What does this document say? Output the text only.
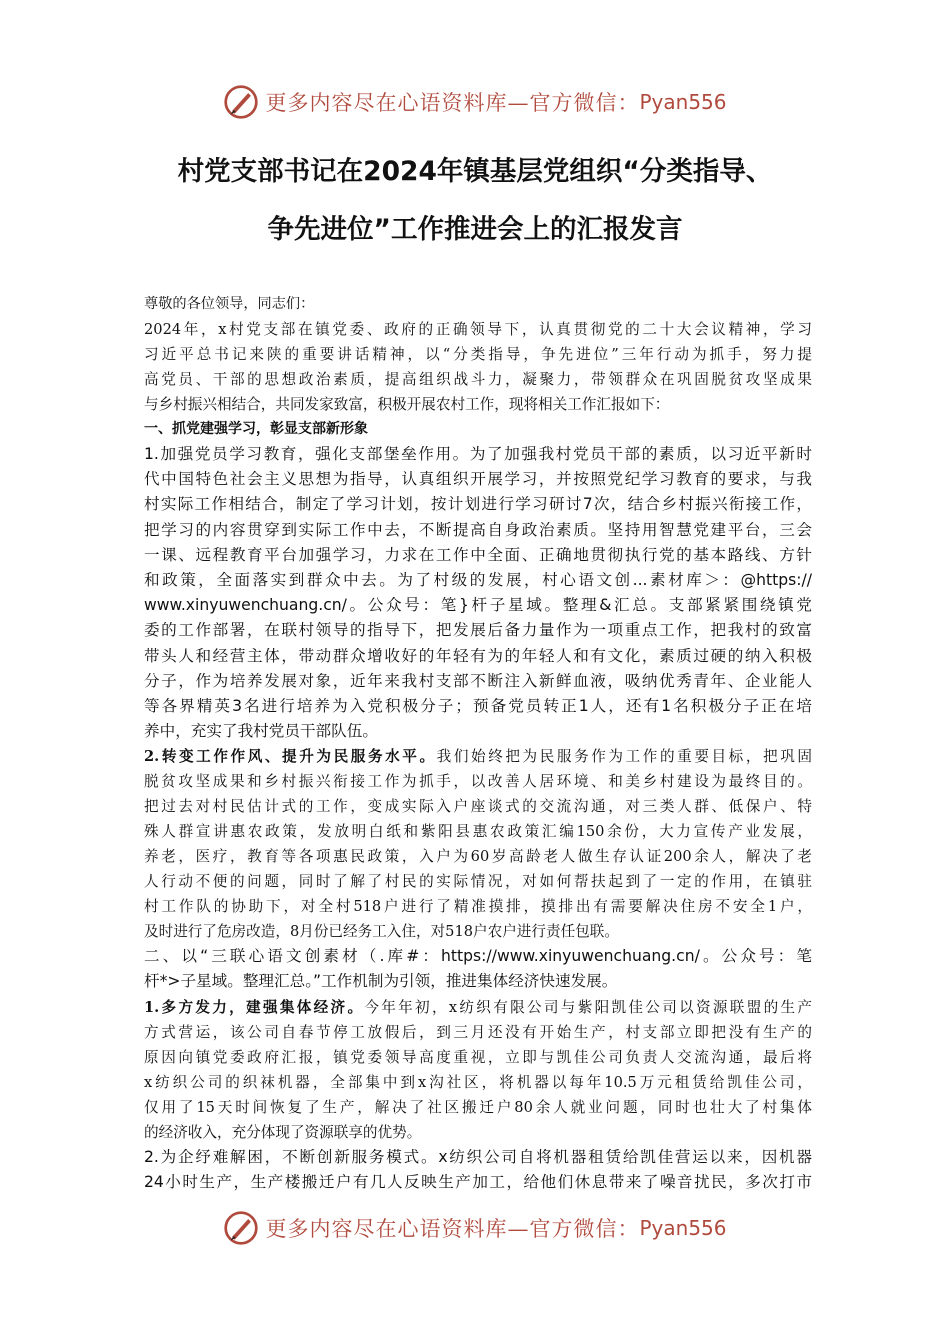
更多内容尽在心语资料库—官方微信： Pyan556
村党支部书记在2024年镇基层党组织“分类指导、
争先进位”工作推进会上的汇报发言
尊敬的各位领导，同志们：
2024年，x村党支部在镇党委、政府的正确领导下，认真贯彻党的二十大会议精神，学习
习近平总书记来陕的重要讲话精神，以“分类指导，争先进位”三年行动为抓手，努力提
高党员、干部的思想政治素质，提高组织战斗力，凝聚力，带领群众在巩固脱贫攻坚成果
与乡村振兴相结合，共同发家致富，积极开展农村工作，现将相关工作汇报如下：
一、抓党建强学习，彰显支部新形象
1.加强党员学习教育，强化支部堡垒作用。为了加强我村党员干部的素质，以习近平新时
代中国特色社会主义思想为指导，认真组织开展学习，并按照党纪学习教育的要求，与我
村实际工作相结合，制定了学习计划，按计划进行学习研讨7次，结合乡村振兴衔接工作，
把学习的内容贯穿到实际工作中去，不断提高自身政治素质。坚持用智慧党建平台，三会
一课、远程教育平台加强学习，力求在工作中全面、正确地贯彻执行党的基本路线、方针
和政策，全面落实到群众中去。为了村级的发展，村心语文创...素材库＞：@https://
www.xinyuwenchuang.cn/。公众号：笔}杆子星域。整理&汇总。支部紧紧围绕镇党
委的工作部署，在联村领导的指导下，把发展后备力量作为一项重点工作，把我村的致富
带头人和经营主体，带动群众增收好的年轻有为的年轻人和有文化，素质过硬的纳入积极
分子，作为培养发展对象，近年来我村支部不断注入新鲜血液，吸纳优秀青年、企业能人
等各界精英3名进行培养为入党积极分子；预备党员转正1人，还有1名积极分子正在培
养中，充实了我村党员干部队伍。
2.转变工作作风、提升为民服务水平。我们始终把为民服务作为工作的重要目标，把巩固
脱贫攻坚成果和乡村振兴衔接工作为抓手，以改善人居环境、和美乡村建设为最终目的。
把过去对村民估计式的工作，变成实际入户座谈式的交流沟通，对三类人群、低保户、特
殊人群宣讲惠农政策，发放明白纸和紫阳县惠农政策汇编150余份，大力宣传产业发展，
养老，医疗，教育等各项惠民政策，入户为60岁高龄老人做生存认证200余人，解决了老
人行动不便的问题，同时了解了村民的实际情况，对如何帮扶起到了一定的作用，在镇驻
村工作队的协助下，对全村518户进行了精准摸排，摸排出有需要解决住房不安全1户，
及时进行了危房改造，8月份已经务工入住，对518户农户进行责任包联。
二、以“三联心语文创素材（.库#：https://www.xinyuwenchuang.cn/。公众号：笔
杆*>子星域。整理汇总。”工作机制为引领，推进集体经济快速发展。
1.多方发力，建强集体经济。今年年初，x纺织有限公司与紫阳凯佳公司以资源联盟的生产
方式营运，该公司自春节停工放假后，到三月还没有开始生产，村支部立即把没有生产的
原因向镇党委政府汇报，镇党委领导高度重视，立即与凯佳公司负责人交流沟通，最后将
x纺织公司的织袜机器，全部集中到x沟社区，将机器以每年10.5万元租赁给凯佳公司，
仅用了15天时间恢复了生产，解决了社区搬迁户80余人就业问题，同时也壮大了村集体
的经济收入，充分体现了资源联享的优势。
2.为企纾难解困，不断创新服务模式。x纺织公司自将机器租赁给凯佳营运以来，因机器
24小时生产，生产楼搬迁户有几人反映生产加工，给他们休息带来了噪音扰民，多次打市
更多内容尽在心语资料库—官方微信： Pyan556
